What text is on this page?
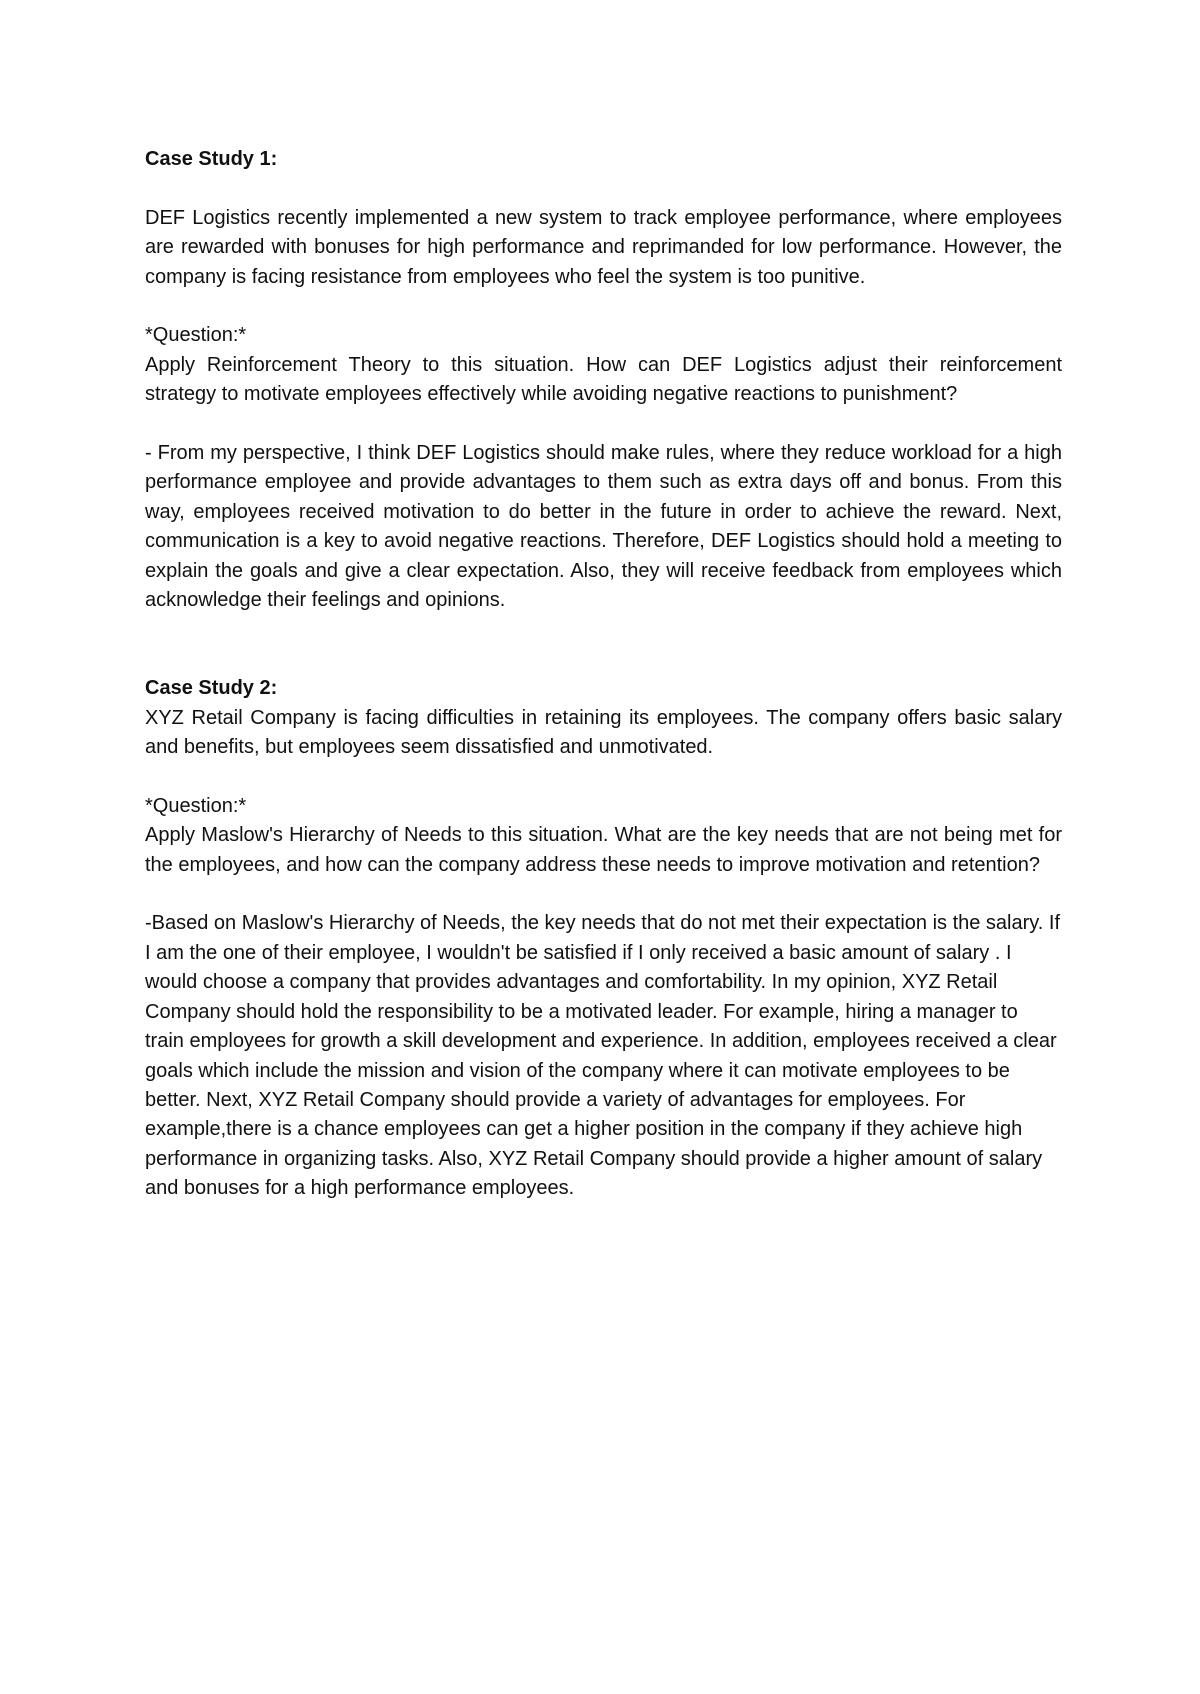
Case Study 1:

DEF Logistics recently implemented a new system to track employee performance, where employees are rewarded with bonuses for high performance and reprimanded for low performance. However, the company is facing resistance from employees who feel the system is too punitive.

*Question:*

Apply Reinforcement Theory to this situation. How can DEF Logistics adjust their reinforcement strategy to motivate employees effectively while avoiding negative reactions to punishment?

- From my perspective, I think DEF Logistics should make rules, where they reduce workload for a high performance employee and provide advantages to them such as extra days off and bonus. From this way, employees received motivation to do better in the future in order to achieve the reward. Next, communication is a key to avoid negative reactions. Therefore, DEF Logistics should hold a meeting to explain the goals and give a clear expectation. Also, they will receive feedback from employees which acknowledge their feelings and opinions.

Case Study 2:

XYZ Retail Company is facing difficulties in retaining its employees. The company offers basic salary and benefits, but employees seem dissatisfied and unmotivated.

*Question:*

Apply Maslow's Hierarchy of Needs to this situation. What are the key needs that are not being met for the employees, and how can the company address these needs to improve motivation and retention?

-Based on Maslow's Hierarchy of Needs, the key needs that do not met their expectation is the salary. If I am the one of their employee, I wouldn't be satisfied if I only received a basic amount of salary . I would choose a company that provides advantages and comfortability. In my opinion, XYZ Retail Company should hold the responsibility to be a motivated leader. For example, hiring a manager to train employees for growth a skill development and experience. In addition, employees received a clear goals which include the mission and vision of the company where it can motivate employees to be better. Next, XYZ Retail Company should provide a variety of advantages for employees. For example,there is a chance employees can get a higher position in the company if they achieve high performance in organizing tasks. Also, XYZ Retail Company should provide a higher amount of salary and bonuses for a high performance employees.
